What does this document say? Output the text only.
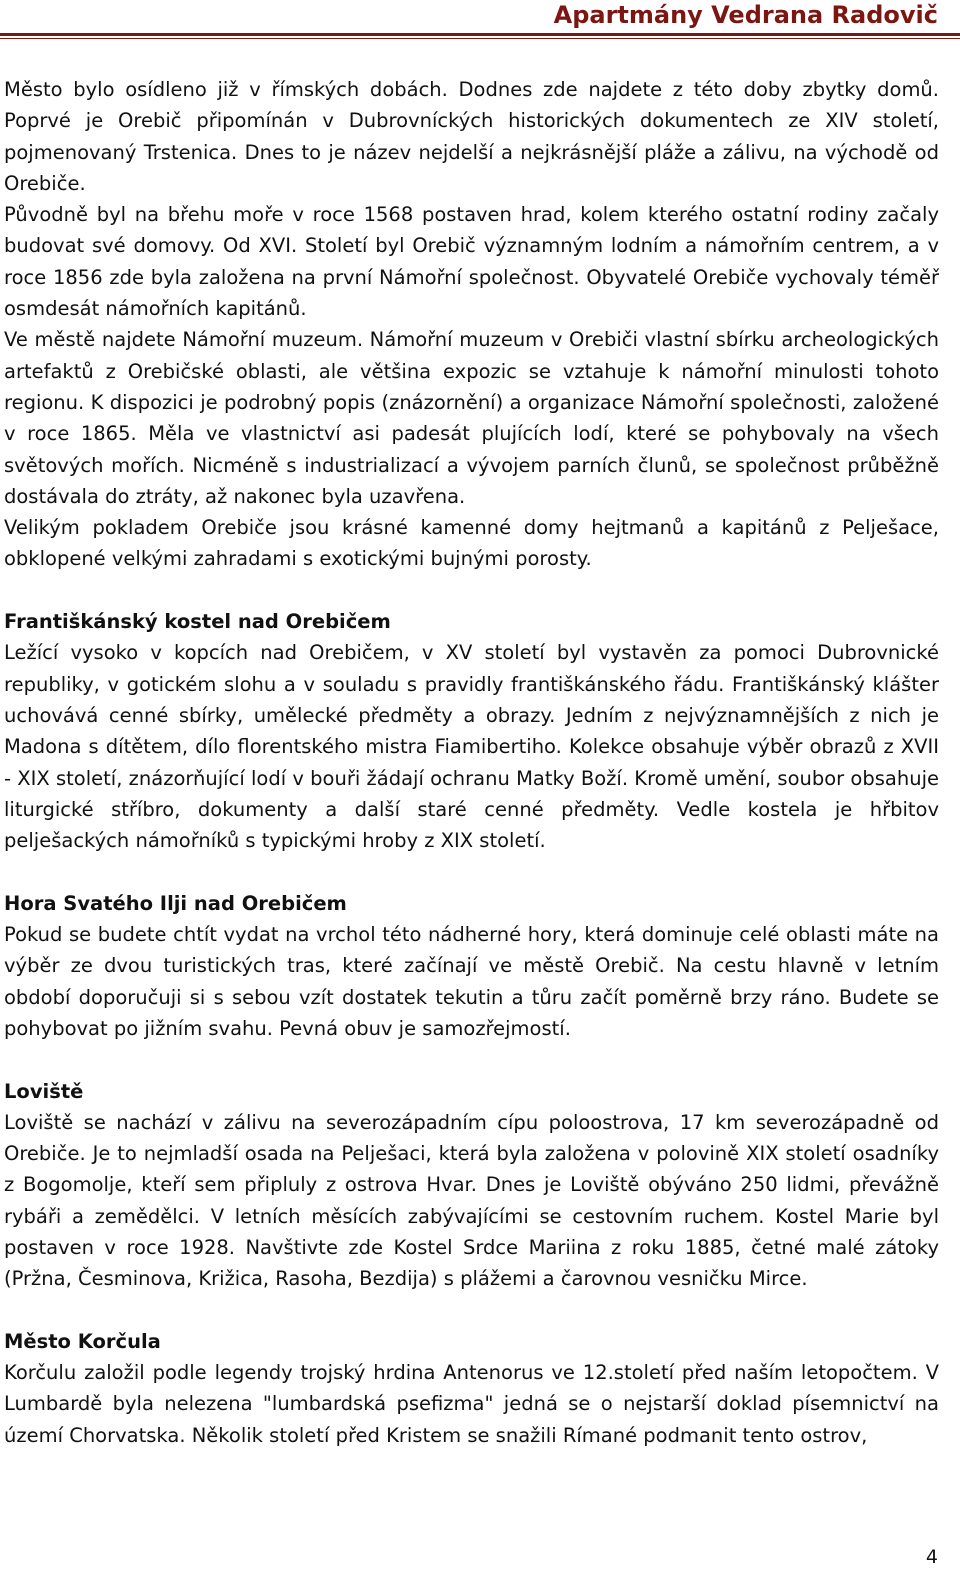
Apartmány Vedrana Radovič

Město bylo osídleno již v římských dobách. Dodnes zde najdete z této doby zbytky domů. Poprvé je Orebič připomínán v Dubrovníckých historických dokumentech ze XIV století, pojmenovaný Trstenica. Dnes to je název nejdelší a nejkrásnější pláže a zálivu, na východě od Orebiče.

Původně byl na břehu moře v roce 1568 postaven hrad, kolem kterého ostatní rodiny začaly budovat své domovy. Od XVI. Století byl Orebič významným lodním a námořním centrem, a v roce 1856 zde byla založena na první Námořní společnost. Obyvatelé Orebiče vychovaly téměř osmdesát námořních kapitánů.

Ve městě najdete Námořní muzeum. Námořní muzeum v Orebiči vlastní sbírku archeologických artefaktů z Orebičské oblasti, ale většina expozic se vztahuje k námořní minulosti tohoto regionu. K dispozici je podrobný popis (znázornění) a organizace Námořní společnosti, založené v roce 1865. Měla ve vlastnictví asi padesát plujících lodí, které se pohybovaly na všech světových mořích. Nicméně s industrializací a vývojem parních člunů, se společnost průběžně dostávala do ztráty, až nakonec byla uzavřena.

Velikým pokladem Orebiče jsou krásné kamenné domy hejtmanů a kapitánů z Pelješace, obklopené velkými zahradami s exotickými bujnými porosty.

Františkánský kostel nad Orebičem

Ležící vysoko v kopcích nad Orebičem, v XV století byl vystavěn za pomoci Dubrovnické republiky, v gotickém slohu a v souladu s pravidly františkánského řádu. Františkánský klášter uchovává cenné sbírky, umělecké předměty a obrazy. Jedním z nejvýznamnějších z nich je Madona s dítětem, dílo florentského mistra Fiamibertiho. Kolekce obsahuje výběr obrazů z XVII - XIX století, znázorňující lodí v bouři žádají ochranu Matky Boží. Kromě umění, soubor obsahuje liturgické stříbro, dokumenty a další staré cenné předměty. Vedle kostela je hřbitov pelješackých námořníků s typickými hroby z XIX století.

Hora Svatého Ilji nad Orebičem

Pokud se budete chtít vydat na vrchol této nádherné hory, která dominuje celé oblasti máte na výběr ze dvou turistických tras, které začínají ve městě Orebič. Na cestu hlavně v letním období doporučuji si s sebou vzít dostatek tekutin a tůru začít poměrně brzy ráno. Budete se pohybovat po jižním svahu. Pevná obuv je samozřejmostí.

Loviště

Loviště se nachází v zálivu na severozápadním cípu poloostrova, 17 km severozápadně od Orebiče. Je to nejmladší osada na Pelješaci, která byla založena v polovině XIX století osadníky z Bogomolje, kteří sem připluly z ostrova Hvar. Dnes je Loviště obýváno 250 lidmi, převážně rybáři a zemědělci. V letních měsících zabývajícími se cestovním ruchem. Kostel Marie byl postaven v roce 1928. Navštivte zde Kostel Srdce Mariina z roku 1885, četné malé zátoky (Pržna, Česminova, Križica, Rasoha, Bezdija) s plážemi a čarovnou vesničku Mirce.

Město Korčula

Korčulu založil podle legendy trojský hrdina Antenorus ve 12.století před naším letopočtem. V Lumbardě byla nelezena "lumbardská psefizma" jedná se o nejstarší doklad písemnictví na území Chorvatska. Několik století před Kristem se snažili Rímané podmanit tento ostrov,

4
